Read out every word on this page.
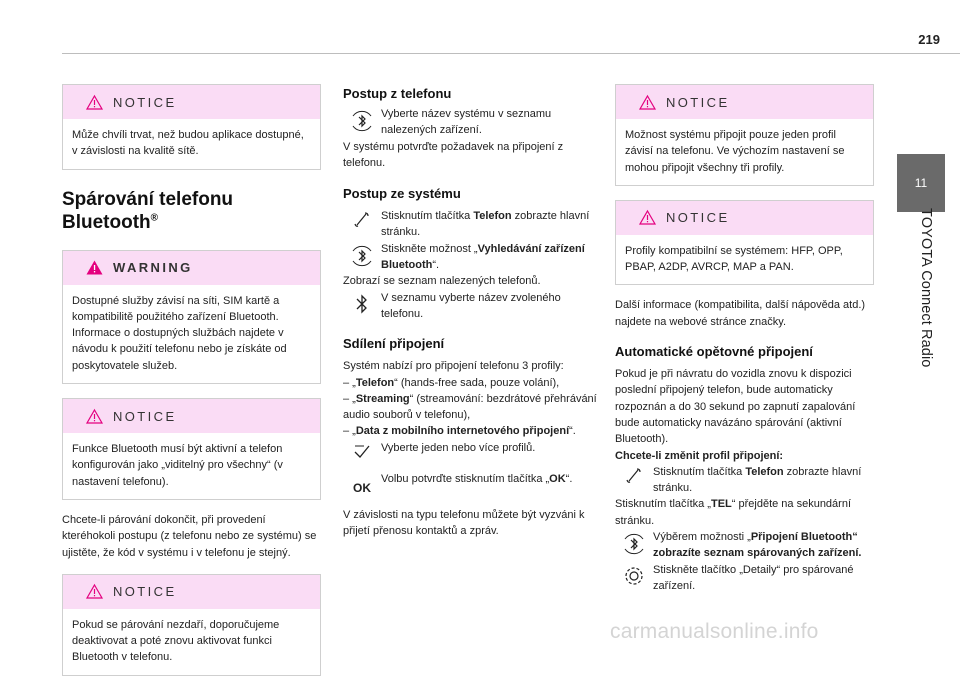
219
11
TOYOTA Connect Radio
NOTICE
Může chvíli trvat, než budou aplikace dostupné, v závislosti na kvalitě sítě.
Spárování telefonu
Bluetooth®
WARNING
Dostupné služby závisí na síti, SIM kartě a kompatibilitě použitého zařízení Bluetooth. Informace o dostupných službách najdete v návodu k použití telefonu nebo je získáte od poskytovatele služeb.
NOTICE
Funkce Bluetooth musí být aktivní a telefon konfigurován jako „viditelný pro všechny“ (v nastavení telefonu).

Chcete-li párování dokončit, při provedení kteréhokoli postupu (z telefonu nebo ze systému) se ujistěte, že kód v systému i v telefonu je stejný.

NOTICE
Pokud se párování nezdaří, doporučujeme deaktivovat a poté znovu aktivovat funkci Bluetooth v telefonu.
Postup z telefonu

Vyberte název systému v seznamu nalezených zařízení.

V systému potvrďte požadavek na připojení z telefonu.

Postup ze systému

Stisknutím tlačítka Telefon zobrazte hlavní stránku.

Stiskněte možnost „Vyhledávání zařízení Bluetooth“.

Zobrazí se seznam nalezených telefonů.

V seznamu vyberte název zvoleného telefonu.

Sdílení připojení

Systém nabízí pro připojení telefonu 3 profily:

– „Telefon“ (hands-free sada, pouze volání),

– „Streaming“ (streamování: bezdrátové přehrávání audio souborů v telefonu),

– „Data z mobilního internetového připojení“.

Vyberte jeden nebo více profilů.

OK

Volbu potvrďte stisknutím tlačítka „OK“.

V závislosti na typu telefonu můžete být vyzváni k přijetí přenosu kontaktů a zpráv.

NOTICE
Možnost systému připojit pouze jeden profil závisí na telefonu. Ve výchozím nastavení se mohou připojit všechny tři profily.
NOTICE
Profily kompatibilní se systémem: HFP, OPP, PBAP, A2DP, AVRCP, MAP a PAN.

Další informace (kompatibilita, další nápověda atd.) najdete na webové stránce značky.

Automatické opětovné připojení

Pokud je při návratu do vozidla znovu k dispozici poslední připojený telefon, bude automaticky rozpoznán a do 30 sekund po zapnutí zapalování bude automaticky navázáno spárování (aktivní Bluetooth).

Chcete-li změnit profil připojení:

Stisknutím tlačítka Telefon zobrazte hlavní stránku.

Stisknutím tlačítka „TEL“ přejděte na sekundární stránku.

Výběrem možnosti „Připojení Bluetooth“ zobrazíte seznam spárovaných zařízení.

Stiskněte tlačítko „Detaily“ pro spárované zařízení.

carmanualsonline.info
